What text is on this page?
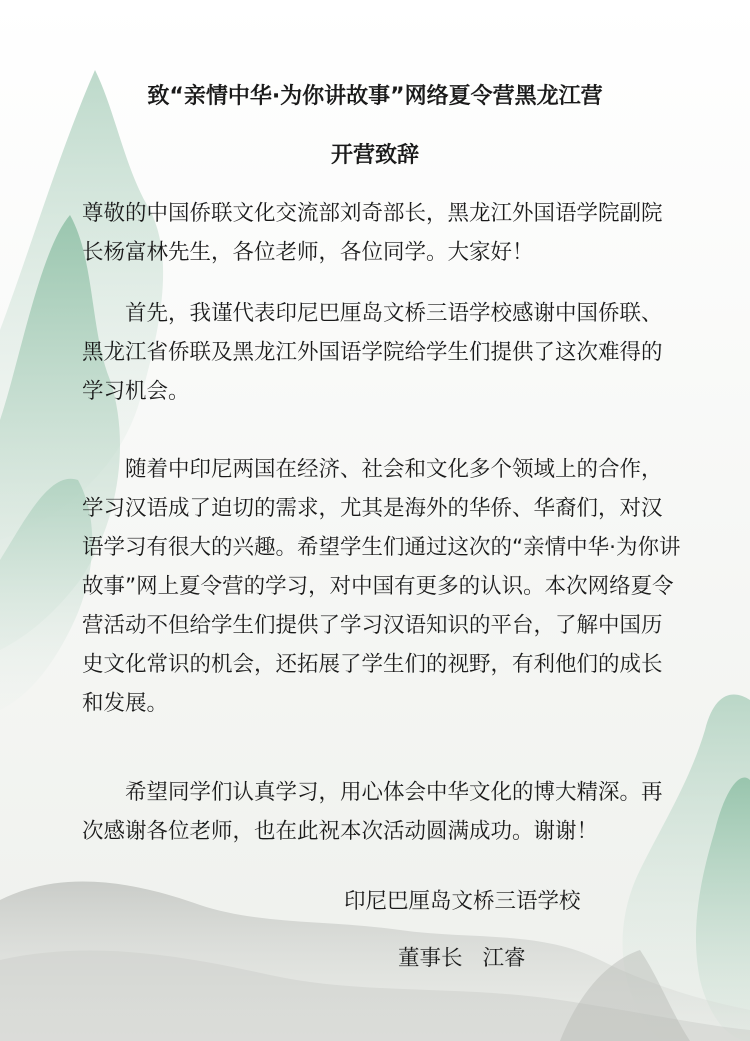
致“亲情中华·为你讲故事”网络夏令营黑龙江营

开营致辞

尊敬的中国侨联文化交流部刘奇部长，黑龙江外国语学院副院长杨富林先生，各位老师，各位同学。大家好！

首先，我谨代表印尼巴厘岛文桥三语学校感谢中国侨联、黑龙江省侨联及黑龙江外国语学院给学生们提供了这次难得的学习机会。

随着中印尼两国在经济、社会和文化多个领域上的合作，学习汉语成了迫切的需求，尤其是海外的华侨、华裔们，对汉语学习有很大的兴趣。希望学生们通过这次的“亲情中华·为你讲故事”网上夏令营的学习，对中国有更多的认识。本次网络夏令营活动不但给学生们提供了学习汉语知识的平台，了解中国历史文化常识的机会，还拓展了学生们的视野，有利他们的成长和发展。

希望同学们认真学习，用心体会中华文化的博大精深。再次感谢各位老师，也在此祝本次活动圆满成功。谢谢！

印尼巴厘岛文桥三语学校

董事长 江睿
